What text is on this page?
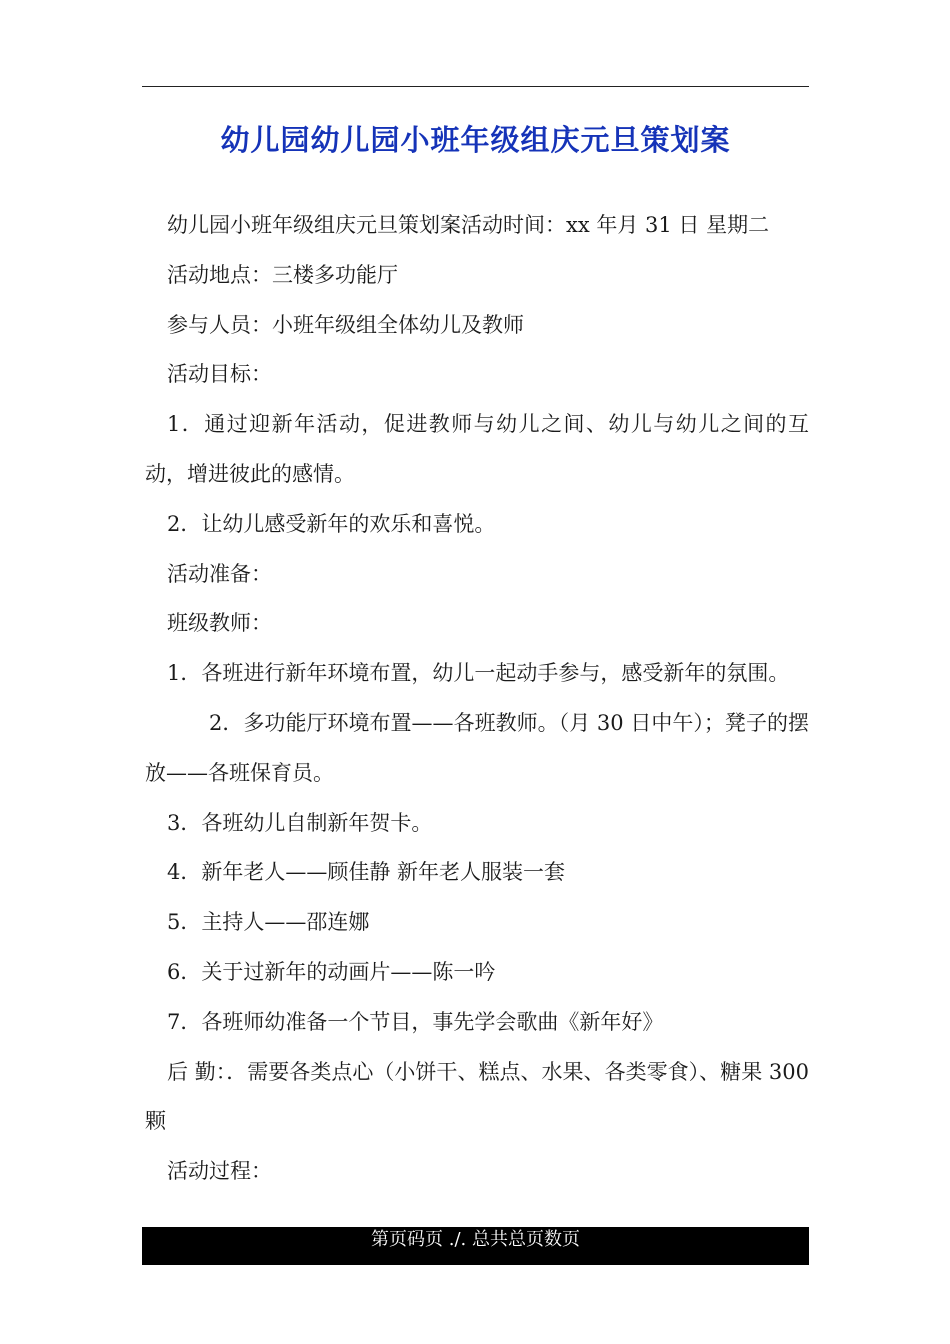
幼儿园幼儿园小班年级组庆元旦策划案

幼儿园小班年级组庆元旦策划案活动时间：xx 年月 31 日 星期二

活动地点：三楼多功能厅

参与人员：小班年级组全体幼儿及教师

活动目标：

1．通过迎新年活动，促进教师与幼儿之间、幼儿与幼儿之间的互动，增进彼此的感情。

2．让幼儿感受新年的欢乐和喜悦。

活动准备：

班级教师：

1．各班进行新年环境布置，幼儿一起动手参与，感受新年的氛围。

2．多功能厅环境布置——各班教师。（月 30 日中午）；凳子的摆放——各班保育员。

3．各班幼儿自制新年贺卡。

4．新年老人——顾佳静 新年老人服装一套

5．主持人——邵连娜

6．关于过新年的动画片——陈一吟

7．各班师幼准备一个节目，事先学会歌曲《新年好》

后 勤：．需要各类点心（小饼干、糕点、水果、各类零食）、糖果 300 颗

活动过程：

第页码页 ./. 总共总页数页
